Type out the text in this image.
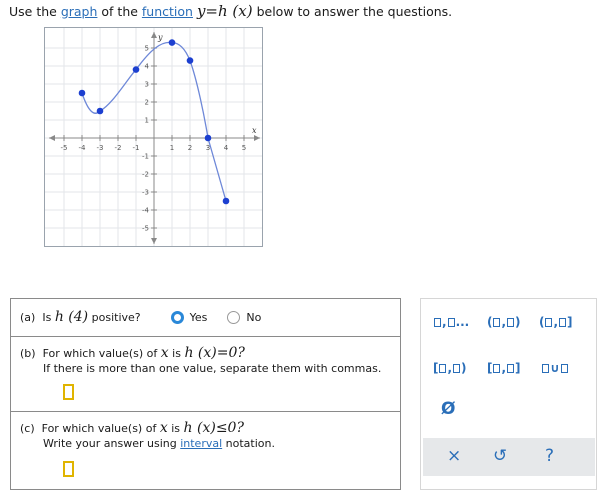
Use the graph of the function y=h (x) below to answer the questions.
x
y
-5 -4 -3 -2 -1	1 2 3 4 5
5
4
3
2
1
-1
-2
-3
-4
-5
(a)
Is
h (4)
positive?	Yes	No
(b)
For which value(s) of
x
is
h (x)=0?
If there is more than one value, separate them with commas.
(c)
For which value(s) of
x
is
h (x)≤0?
Write your answer using interval notation.
, ... ( , ) ( , ]
[ , ) [ , ]	∪
Ø
× ↺ ?
